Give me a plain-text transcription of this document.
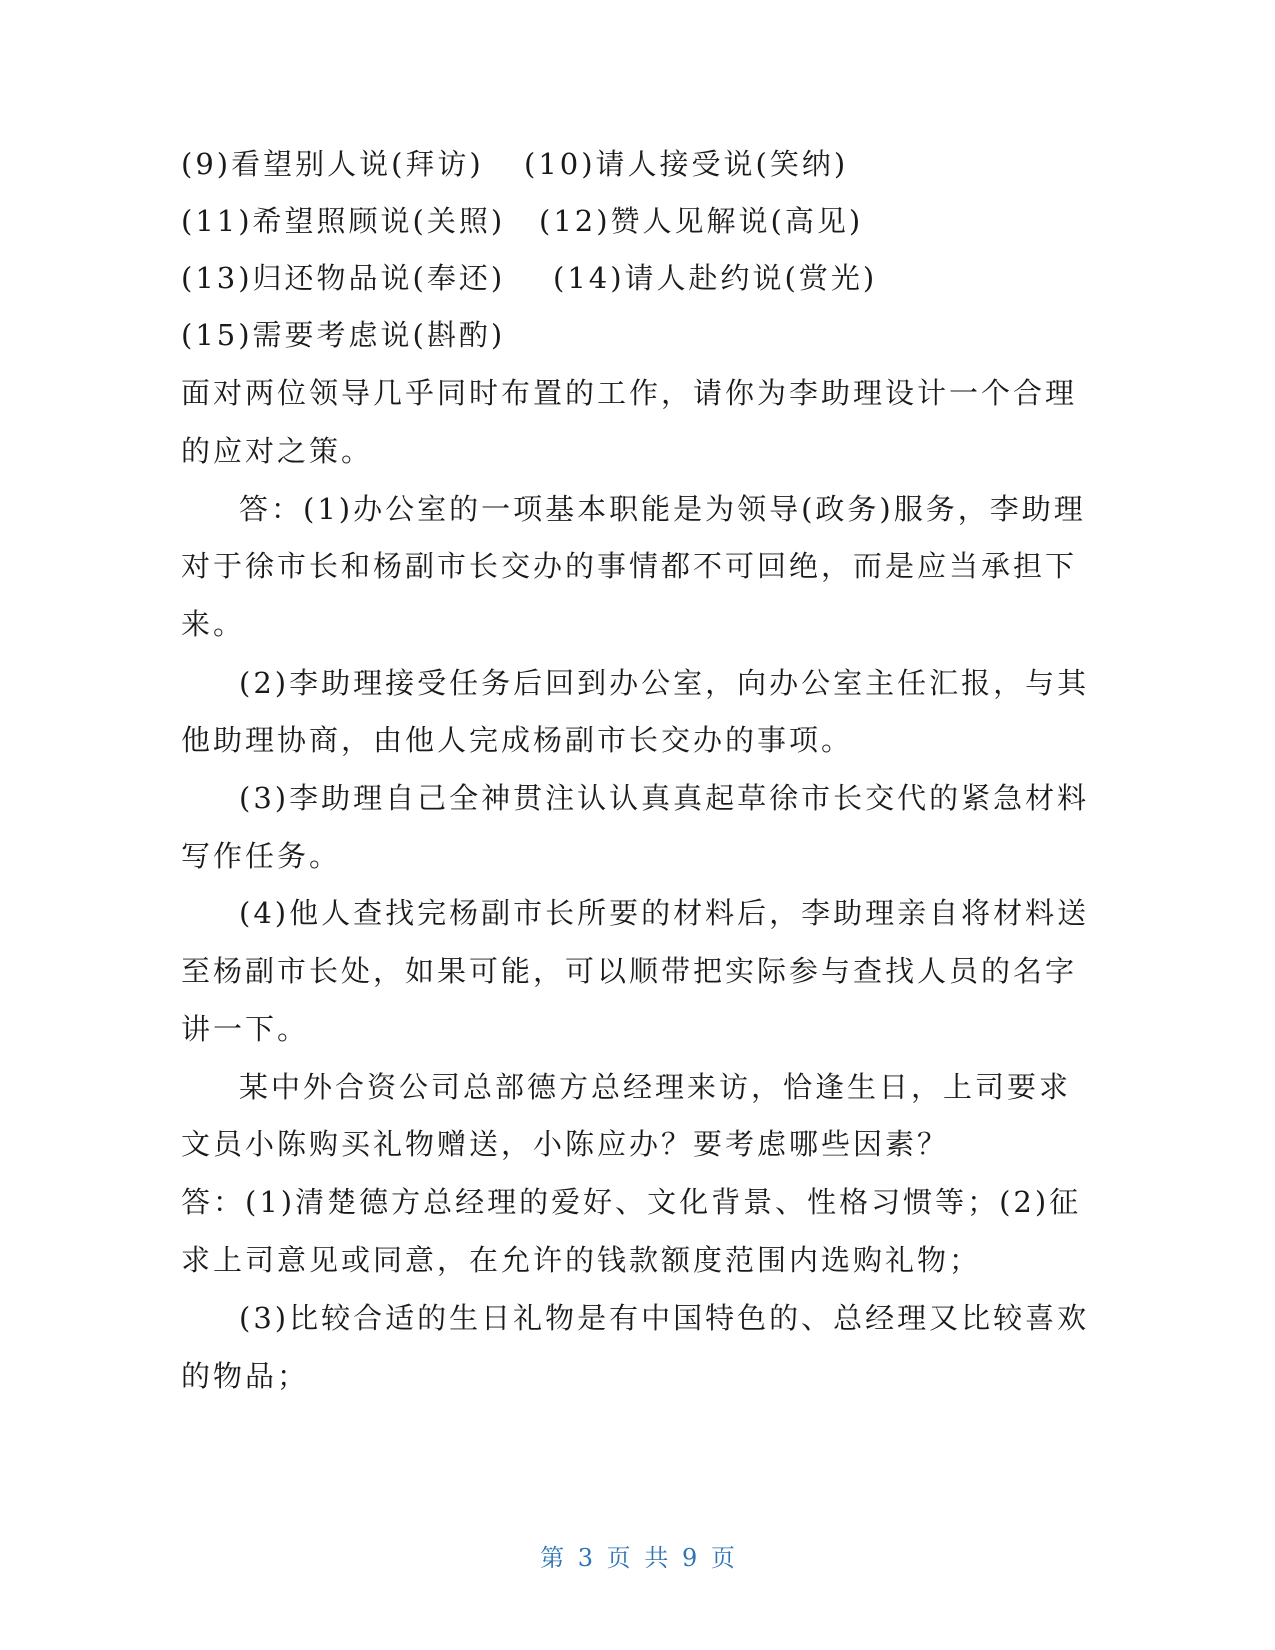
(9)看望别人说(拜访) (10)请人接受说(笑纳)
(11)希望照顾说(关照) (12)赞人见解说(高见)
(13)归还物品说(奉还) (14)请人赴约说(赏光)
(15)需要考虑说(斟酌)
面对两位领导几乎同时布置的工作，请你为李助理设计一个合理
的应对之策。
答：(1)办公室的一项基本职能是为领导(政务)服务，李助理
对于徐市长和杨副市长交办的事情都不可回绝，而是应当承担下
来。
(2)李助理接受任务后回到办公室，向办公室主任汇报，与其
他助理协商，由他人完成杨副市长交办的事项。
(3)李助理自己全神贯注认认真真起草徐市长交代的紧急材料
写作任务。
(4)他人查找完杨副市长所要的材料后，李助理亲自将材料送
至杨副市长处，如果可能，可以顺带把实际参与查找人员的名字
讲一下。
某中外合资公司总部德方总经理来访，恰逢生日，上司要求
文员小陈购买礼物赠送，小陈应办？要考虑哪些因素？
答：(1)清楚德方总经理的爱好、文化背景、性格习惯等；(2)征
求上司意见或同意，在允许的钱款额度范围内选购礼物；
(3)比较合适的生日礼物是有中国特色的、总经理又比较喜欢
的物品；
第 3 页 共 9 页
